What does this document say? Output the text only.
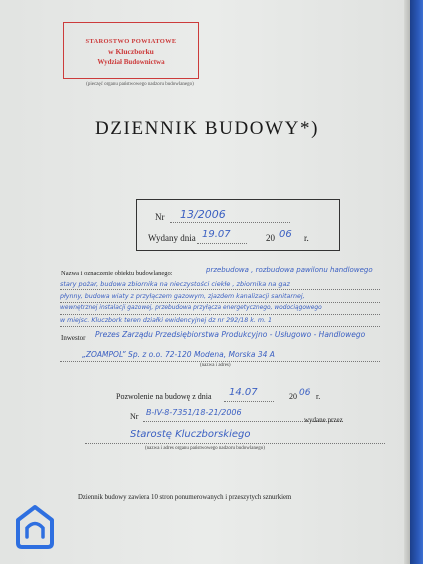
STAROSTWO POWIATOWE
w Kluczborku
Wydział Budownictwa
(pieczęć organu państwowego nadzoru budowlanego)
DZIENNIK BUDOWY*)
Nr 13/2006
Wydany dnia 19.07	20 06 r.
Nazwa i oznaczenie obiektu budowlanego:	przebudowa , rozbudowa pawilonu handlowego
stary pożar, budowa zbiornika na nieczystości ciekłe , zbiornika na gaz
płynny, budowa wiaty z przyłączem gazowym, zjazdem kanalizacji sanitarnej,
wewnętrznej instalacji gazowej, przebudowa przyłącza energetycznego, wodociągowego
w miejsc. Kluczbork teren działki ewidencyjnej dz nr 292/18 k. m. 1
Inwestor Prezes Zarządu Przedsiębiorstwa Produkcyjno - Usługowo - Handlowego
„ZOAMPOL” Sp. z o.o. 72-120 Modena, Morska 34 A
(nazwa i adres)
Pozwolenie na budowę z dnia 14.07	20 06 r.
Nr B-IV-8-7351/18-21/2006
wydane przez
Starostę Kluczborskiego
(nazwa i adres organu państwowego nadzoru budowlanego)
Dziennik budowy zawiera 10 stron ponumerowanych i przeszytych sznurkiem
